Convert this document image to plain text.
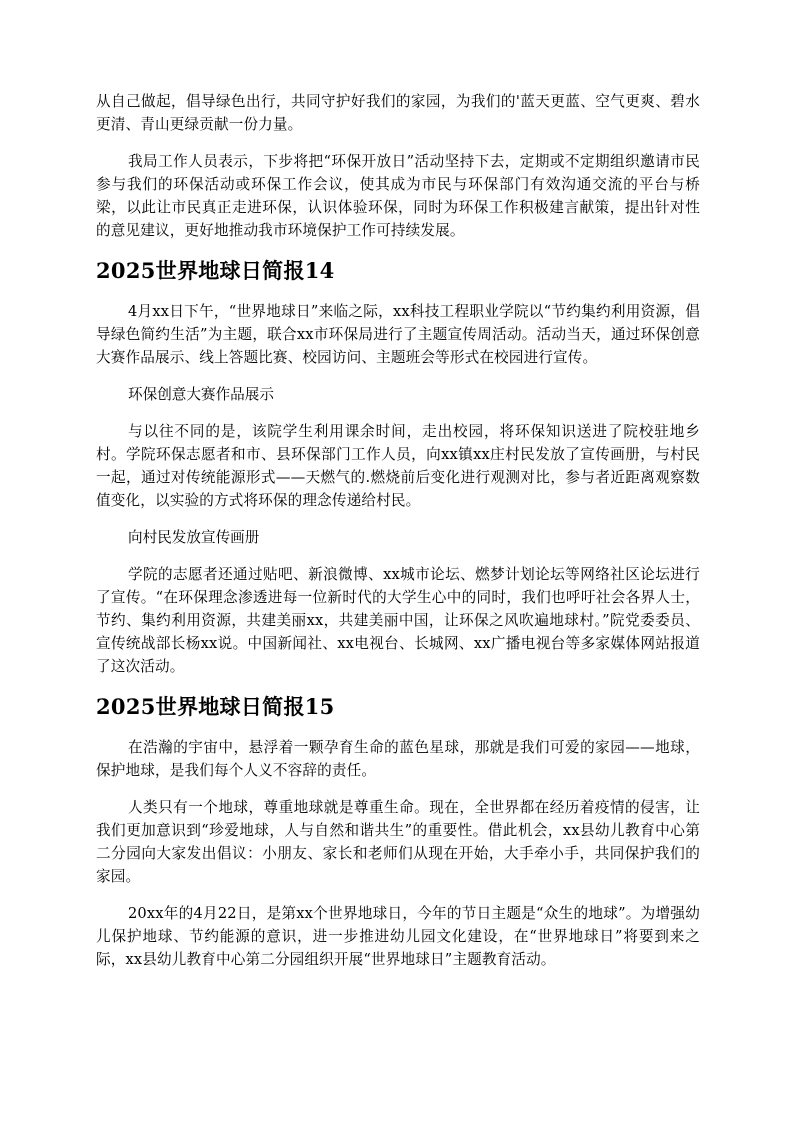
从自己做起，倡导绿色出行，共同守护好我们的家园，为我们的'蓝天更蓝、空气更爽、碧水更清、青山更绿贡献一份力量。

我局工作人员表示，下步将把“环保开放日”活动坚持下去，定期或不定期组织邀请市民参与我们的环保活动或环保工作会议，使其成为市民与环保部门有效沟通交流的平台与桥梁，以此让市民真正走进环保，认识体验环保，同时为环保工作积极建言献策，提出针对性的意见建议，更好地推动我市环境保护工作可持续发展。

2025世界地球日简报14

4月xx日下午，“世界地球日”来临之际，xx科技工程职业学院以“节约集约利用资源，倡导绿色简约生活”为主题，联合xx市环保局进行了主题宣传周活动。活动当天，通过环保创意大赛作品展示、线上答题比赛、校园访问、主题班会等形式在校园进行宣传。

环保创意大赛作品展示

与以往不同的是，该院学生利用课余时间，走出校园，将环保知识送进了院校驻地乡村。学院环保志愿者和市、县环保部门工作人员，向xx镇xx庄村民发放了宣传画册，与村民一起，通过对传统能源形式——天燃气的.燃烧前后变化进行观测对比，参与者近距离观察数值变化，以实验的方式将环保的理念传递给村民。

向村民发放宣传画册

学院的志愿者还通过贴吧、新浪微博、xx城市论坛、燃梦计划论坛等网络社区论坛进行了宣传。“在环保理念渗透进每一位新时代的大学生心中的同时，我们也呼吁社会各界人士，节约、集约利用资源，共建美丽xx，共建美丽中国，让环保之风吹遍地球村。”院党委委员、宣传统战部长杨xx说。中国新闻社、xx电视台、长城网、xx广播电视台等多家媒体网站报道了这次活动。

2025世界地球日简报15

在浩瀚的宇宙中，悬浮着一颗孕育生命的蓝色星球，那就是我们可爱的家园——地球，保护地球，是我们每个人义不容辞的责任。

人类只有一个地球，尊重地球就是尊重生命。现在，全世界都在经历着疫情的侵害，让我们更加意识到“珍爱地球，人与自然和谐共生”的重要性。借此机会，xx县幼儿教育中心第二分园向大家发出倡议：小朋友、家长和老师们从现在开始，大手牵小手，共同保护我们的家园。

20xx年的4月22日，是第xx个世界地球日，今年的节日主题是“众生的地球”。为增强幼儿保护地球、节约能源的意识，进一步推进幼儿园文化建设，在“世界地球日”将要到来之际，xx县幼儿教育中心第二分园组织开展“世界地球日”主题教育活动。
